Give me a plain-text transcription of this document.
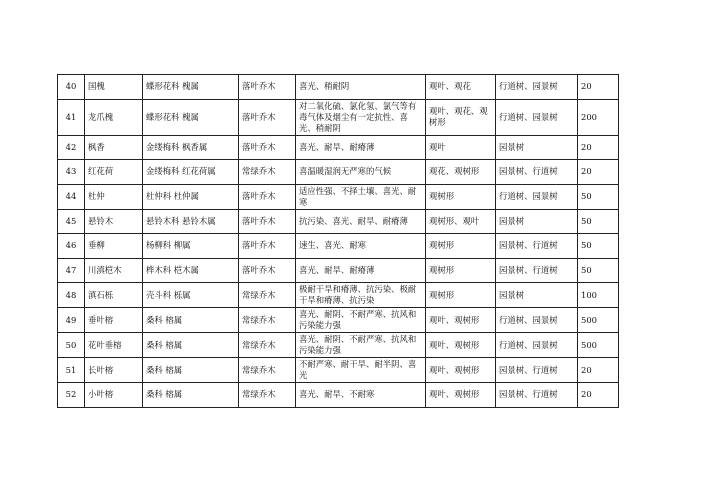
40	国槐	蝶形花科 槐属	落叶乔木	喜光、稍耐阴	观叶、观花	行道树、园景树	20
41	龙爪槐	蝶形花科 槐属	落叶乔木	对二氧化硫、氯化氢、氯气等有毒气体及烟尘有一定抗性、喜光、稍耐阴	观叶、观花、观树形	行道树、园景树	200
42	枫香	金缕梅科 枫香属	落叶乔木	喜光、耐旱、耐瘠薄	观叶	园景树	20
43	红花荷	金缕梅科 红花荷属	常绿乔木	喜温暖湿润无严寒的气候	观花、观树形	园景树、行道树	20
44	杜仲	杜仲科 杜仲属	落叶乔木	适应性强、不择土壤、喜光、耐寒	观树形	行道树、园景树	50
45	悬铃木	悬铃木科 悬铃木属	落叶乔木	抗污染、喜光、耐旱、耐瘠薄	观树形、观叶	园景树	50
46	垂柳	杨柳科 柳属	落叶乔木	速生、喜光、耐寒	观树形	园景树、行道树	50
47	川滇桤木	桦木科 桤木属	落叶乔木	喜光、耐旱、耐瘠薄	观树形	园景树、行道树	50
48	滇石栎	壳斗科 栎属	常绿乔木	极耐干旱和瘠薄、抗污染、极耐干旱和瘠薄、抗污染	观树形	园景树	100
49	垂叶榕	桑科 榕属	常绿乔木	喜光、耐阴、不耐严寒、抗风和污染能力强	观叶、观树形	行道树、园景树	500
50	花叶垂榕	桑科 榕属	常绿乔木	喜光、耐阴、不耐严寒、抗风和污染能力强	观叶、观树形	行道树、园景树	500
51	长叶榕	桑科 榕属	常绿乔木	不耐严寒、耐干旱、耐半阴、喜光	观叶、观树形	园景树、行道树	20
52	小叶榕	桑科 榕属	常绿乔木	喜光、耐旱、不耐寒	观叶、观树形	园景树、行道树	20
